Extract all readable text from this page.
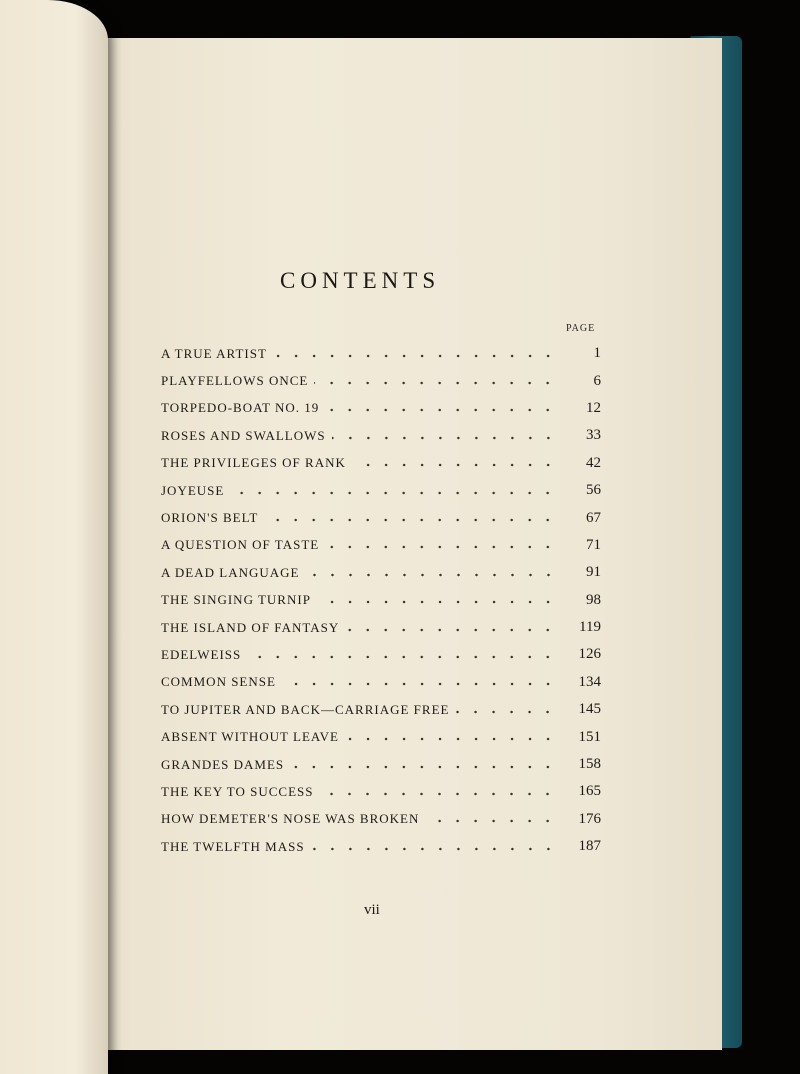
CONTENTS
PAGE
A TRUE ARTIST	1
PLAYFELLOWS ONCE	6
TORPEDO-BOAT NO. 19	12
ROSES AND SWALLOWS	33
THE PRIVILEGES OF RANK	42
JOYEUSE	56
ORION'S BELT	67
A QUESTION OF TASTE	71
A DEAD LANGUAGE	91
THE SINGING TURNIP	98
THE ISLAND OF FANTASY	119
EDELWEISS	126
COMMON SENSE	134
TO JUPITER AND BACK—CARRIAGE FREE	145
ABSENT WITHOUT LEAVE	151
GRANDES DAMES	158
THE KEY TO SUCCESS	165
HOW DEMETER'S NOSE WAS BROKEN	176
THE TWELFTH MASS	187
vii
